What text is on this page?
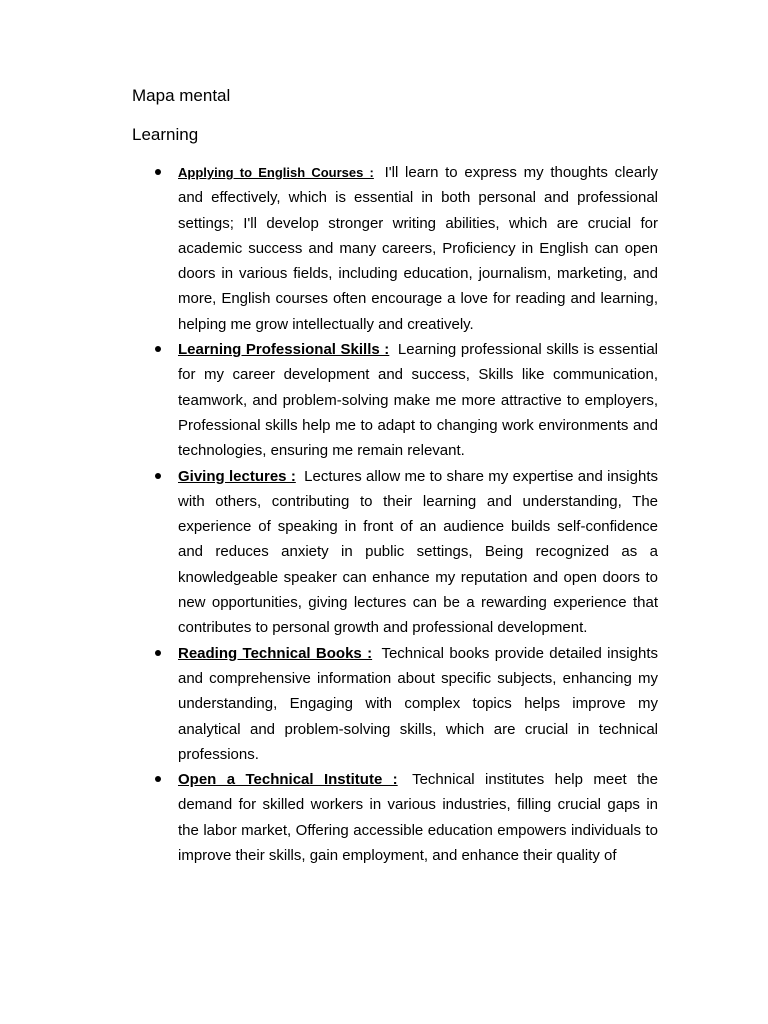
Mapa mental
Learning
Applying to English Courses : I'll learn to express my thoughts clearly and effectively, which is essential in both personal and professional settings; I'll develop stronger writing abilities, which are crucial for academic success and many careers, Proficiency in English can open doors in various fields, including education, journalism, marketing, and more, English courses often encourage a love for reading and learning, helping me grow intellectually and creatively.
Learning Professional Skills : Learning professional skills is essential for my career development and success, Skills like communication, teamwork, and problem-solving make me more attractive to employers, Professional skills help me to adapt to changing work environments and technologies, ensuring me remain relevant.
Giving lectures : Lectures allow me to share my expertise and insights with others, contributing to their learning and understanding, The experience of speaking in front of an audience builds self-confidence and reduces anxiety in public settings, Being recognized as a knowledgeable speaker can enhance my reputation and open doors to new opportunities, giving lectures can be a rewarding experience that contributes to personal growth and professional development.
Reading Technical Books : Technical books provide detailed insights and comprehensive information about specific subjects, enhancing my understanding, Engaging with complex topics helps improve my analytical and problem-solving skills, which are crucial in technical professions.
Open a Technical Institute : Technical institutes help meet the demand for skilled workers in various industries, filling crucial gaps in the labor market, Offering accessible education empowers individuals to improve their skills, gain employment, and enhance their quality of
